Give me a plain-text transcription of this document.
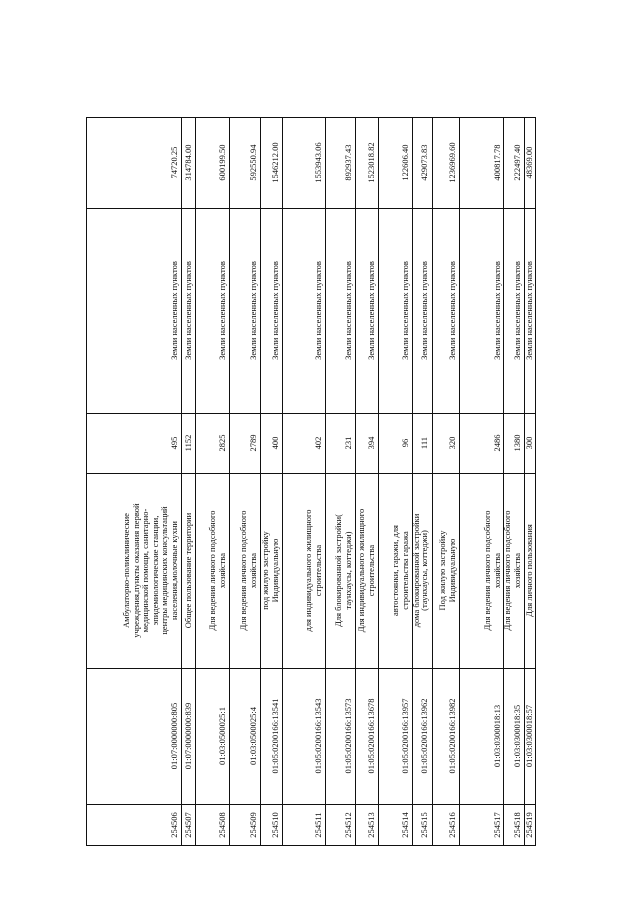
254506
01:07:0000000:805
Амбулаторно-поликлинические учреждения,пункты оказания первой медицинской помощи, санитарно- эпидемиологические станции, центры медицинских консультаций населения,молочные кухни
495
Земли населенных пунктов
74720.25
254507
01:07:0000000:839
Общее пользование территории
1152
Земли населенных пунктов
314784.00
254508
01:03:0500025:1
Для ведения личного подсобного хозяйства
2825
Земли населенных пунктов
600199.50
254509
01:03:0500025:4
Для ведения личного подсобного хозяйства
2789
Земли населенных пунктов
592550.94
254510
01:05:0200166:13541
под жилую застройку Индивидуальную
400
Земли населенных пунктов
1546212.00
254511
01:05:0200166:13543
для индивидуального жилищного строительства
402
Земли населенных пунктов
1553943.06
254512
01:05:0200166:13573
Для блокированной застройки( таунхаусы, коттеджи)
231
Земли населенных пунктов
892937.43
254513
01:05:0200166:13678
Для индивидуального жилищного строительства
394
Земли населенных пунктов
1523018.82
254514
01:05:0200166:13957
автостоянки, гаражи, для строительства гаража
96
Земли населенных пунктов
122606.40
254515
01:05:0200166:13962
дома блокированной застройки
(таунхаусы, коттеджи)
111
Земли населенных пунктов
429073.83
254516
01:05:0200166:13982
Под жилую застройку Индивидуальную
320
Земли населенных пунктов
1236969.60
254517
01:03:0300018:13
Для ведения личного подсобного хозяйства
2486
Земли населенных пунктов
400817.78
254518
01:03:0300018:35
Для ведения личного подсобного хозяйства
1380
Земли населенных пунктов
222497.40
254519
01:03:0300018:57
Для личного пользования
300
Земли населенных пунктов
48369.00
